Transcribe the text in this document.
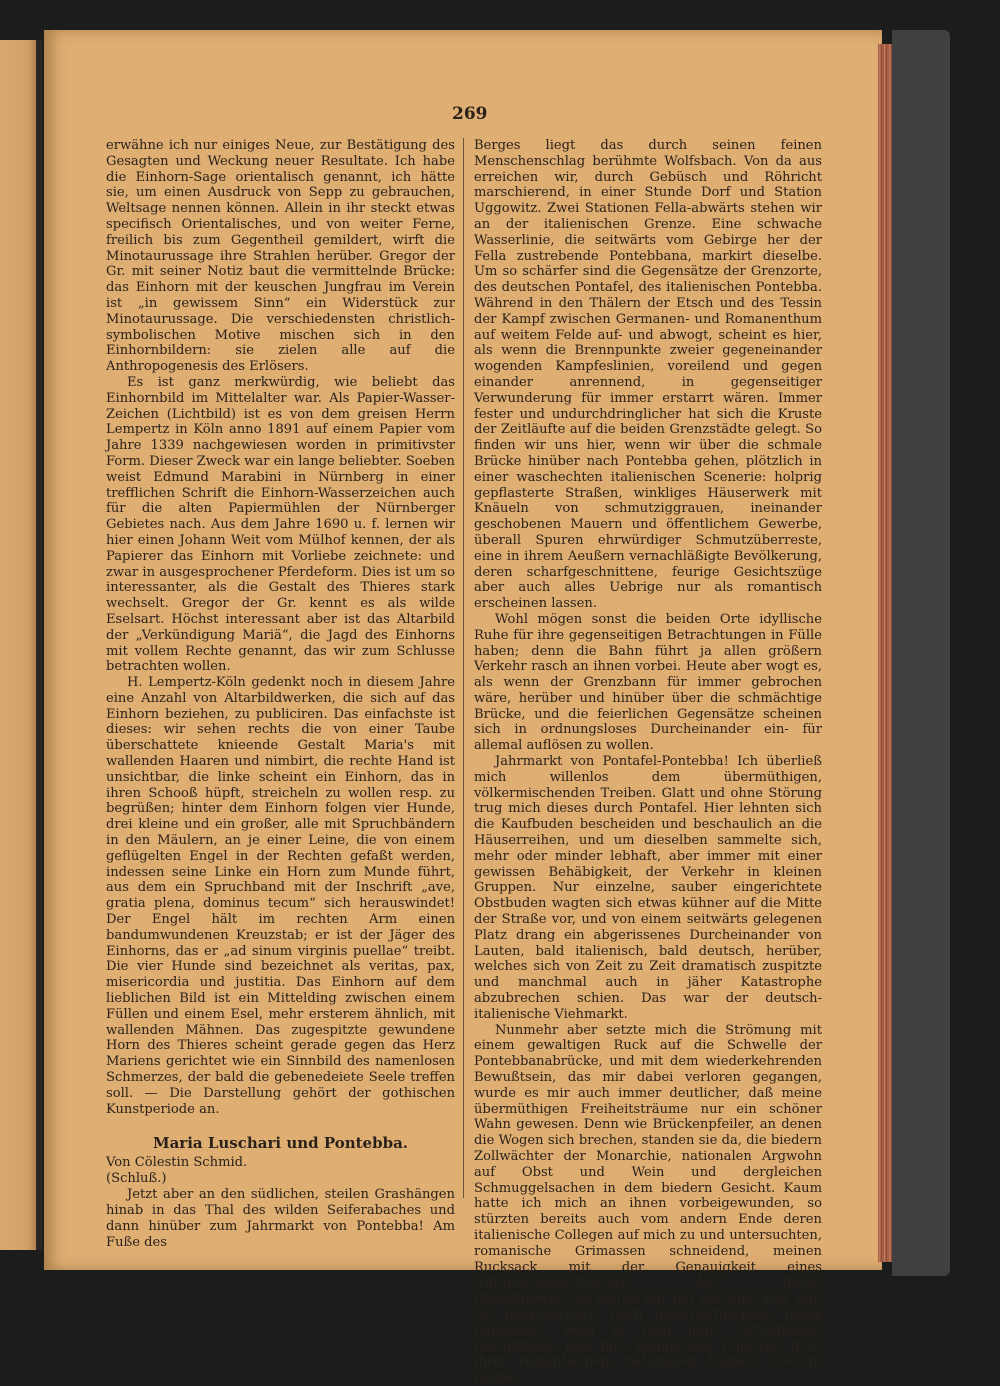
269

erwähne ich nur einiges Neue, zur Bestätigung des Gesagten und Weckung neuer Resultate. Ich habe die Einhorn-Sage orientalisch genannt, ich hätte sie, um einen Ausdruck von Sepp zu gebrauchen, Weltsage nennen können. Allein in ihr steckt etwas specifisch Orientalisches, und von weiter Ferne, freilich bis zum Gegentheil gemildert, wirft die Minotaurussage ihre Strahlen herüber. Gregor der Gr. mit seiner Notiz baut die vermittelnde Brücke: das Einhorn mit der keuschen Jungfrau im Verein ist „in gewissem Sinn“ ein Widerstück zur Minotaurussage. Die verschiedensten christlich-symbolischen Motive mischen sich in den Einhornbildern: sie zielen alle auf die Anthropogenesis des Erlösers.

Es ist ganz merkwürdig, wie beliebt das Einhornbild im Mittelalter war. Als Papier-Wasser-Zeichen (Lichtbild) ist es von dem greisen Herrn Lempertz in Köln anno 1891 auf einem Papier vom Jahre 1339 nachgewiesen worden in primitivster Form. Dieser Zweck war ein lange beliebter. Soeben weist Edmund Marabini in Nürnberg in einer trefflichen Schrift die Einhorn-Wasserzeichen auch für die alten Papiermühlen der Nürnberger Gebietes nach. Aus dem Jahre 1690 u. f. lernen wir hier einen Johann Weit vom Mülhof kennen, der als Papierer das Einhorn mit Vorliebe zeichnete: und zwar in ausgesprochener Pferdeform. Dies ist um so interessanter, als die Gestalt des Thieres stark wechselt. Gregor der Gr. kennt es als wilde Eselsart. Höchst interessant aber ist das Altarbild der „Verkündigung Mariä“, die Jagd des Einhorns mit vollem Rechte genannt, das wir zum Schlusse betrachten wollen.

H. Lempertz-Köln gedenkt noch in diesem Jahre eine Anzahl von Altarbildwerken, die sich auf das Einhorn beziehen, zu publiciren. Das einfachste ist dieses: wir sehen rechts die von einer Taube überschattete knieende Gestalt Maria's mit wallenden Haaren und nimbirt, die rechte Hand ist unsichtbar, die linke scheint ein Einhorn, das in ihren Schooß hüpft, streicheln zu wollen resp. zu begrüßen; hinter dem Einhorn folgen vier Hunde, drei kleine und ein großer, alle mit Spruchbändern in den Mäulern, an je einer Leine, die von einem geflügelten Engel in der Rechten gefaßt werden, indessen seine Linke ein Horn zum Munde führt, aus dem ein Spruchband mit der Inschrift „ave, gratia plena, dominus tecum“ sich herauswindet! Der Engel hält im rechten Arm einen bandumwundenen Kreuzstab; er ist der Jäger des Einhorns, das er „ad sinum virginis puellae“ treibt. Die vier Hunde sind bezeichnet als veritas, pax, misericordia und justitia. Das Einhorn auf dem lieblichen Bild ist ein Mittelding zwischen einem Füllen und einem Esel, mehr ersterem ähnlich, mit wallenden Mähnen. Das zugespitzte gewundene Horn des Thieres scheint gerade gegen das Herz Mariens gerichtet wie ein Sinnbild des namenlosen Schmerzes, der bald die gebenedeiete Seele treffen soll. — Die Darstellung gehört der gothischen Kunstperiode an.

Maria Luschari und Pontebba.

Von Cölestin Schmid.

(Schluß.)

Jetzt aber an den südlichen, steilen Grashängen hinab in das Thal des wilden Seiferabaches und dann hinüber zum Jahrmarkt von Pontebba! Am Fuße des

Berges liegt das durch seinen feinen Menschenschlag berühmte Wolfsbach. Von da aus erreichen wir, durch Gebüsch und Röhricht marschierend, in einer Stunde Dorf und Station Uggowitz. Zwei Stationen Fella-abwärts stehen wir an der italienischen Grenze. Eine schwache Wasserlinie, die seitwärts vom Gebirge her der Fella zustrebende Pontebbana, markirt dieselbe. Um so schärfer sind die Gegensätze der Grenzorte, des deutschen Pontafel, des italienischen Pontebba. Während in den Thälern der Etsch und des Tessin der Kampf zwischen Germanen- und Romanenthum auf weitem Felde auf- und abwogt, scheint es hier, als wenn die Brennpunkte zweier gegeneinander wogenden Kampfeslinien, voreilend und gegen einander anrennend, in gegenseitiger Verwunderung für immer erstarrt wären. Immer fester und undurchdringlicher hat sich die Kruste der Zeitläufte auf die beiden Grenzstädte gelegt. So finden wir uns hier, wenn wir über die schmale Brücke hinüber nach Pontebba gehen, plötzlich in einer waschechten italienischen Scenerie: holprig gepflasterte Straßen, winkliges Häuserwerk mit Knäueln von schmutziggrauen, ineinander geschobenen Mauern und öffentlichem Gewerbe, überall Spuren ehrwürdiger Schmutzüberreste, eine in ihrem Aeußern vernachläßigte Bevölkerung, deren scharfgeschnittene, feurige Gesichtszüge aber auch alles Uebrige nur als romantisch erscheinen lassen.

Wohl mögen sonst die beiden Orte idyllische Ruhe für ihre gegenseitigen Betrachtungen in Fülle haben; denn die Bahn führt ja allen größern Verkehr rasch an ihnen vorbei. Heute aber wogt es, als wenn der Grenzbann für immer gebrochen wäre, herüber und hinüber über die schmächtige Brücke, und die feierlichen Gegensätze scheinen sich in ordnungsloses Durcheinander ein- für allemal auflösen zu wollen.

Jahrmarkt von Pontafel-Pontebba! Ich überließ mich willenlos dem übermüthigen, völkermischenden Treiben. Glatt und ohne Störung trug mich dieses durch Pontafel. Hier lehnten sich die Kaufbuden bescheiden und beschaulich an die Häuserreihen, und um dieselben sammelte sich, mehr oder minder lebhaft, aber immer mit einer gewissen Behäbigkeit, der Verkehr in kleinen Gruppen. Nur einzelne, sauber eingerichtete Obstbuden wagten sich etwas kühner auf die Mitte der Straße vor, und von einem seitwärts gelegenen Platz drang ein abgerissenes Durcheinander von Lauten, bald italienisch, bald deutsch, herüber, welches sich von Zeit zu Zeit dramatisch zuspitzte und manchmal auch in jäher Katastrophe abzubrechen schien. Das war der deutsch-italienische Viehmarkt.

Nunmehr aber setzte mich die Strömung mit einem gewaltigen Ruck auf die Schwelle der Pontebbanabrücke, und mit dem wiederkehrenden Bewußtsein, das mir dabei verloren gegangen, wurde es mir auch immer deutlicher, daß meine übermüthigen Freiheitsträume nur ein schöner Wahn gewesen. Denn wie Brückenpfeiler, an denen die Wogen sich brechen, standen sie da, die biedern Zollwächter der Monarchie, nationalen Argwohn auf Obst und Wein und dergleichen Schmuggelsachen in dem biedern Gesicht. Kaum hatte ich mich an ihnen vorbeigewunden, so stürzten bereits auch vom andern Ende deren italienische Collegen auf mich zu und untersuchten, romanische Grimassen schneidend, meinen Rucksack mit der Genauigkeit eines Untersuchungsrichters. Aus ihrem Dialektgewälsche wurde mir nur das eine klar, daß sie hauptsächlich nach österreichischem Tabak fahndeten, wohl in dem ganz zutreffenden Bewußtsein, daß ihre heimischen Cigarren trotz ihrer romantischen, nationalen Namen: Cavour, Roma,
